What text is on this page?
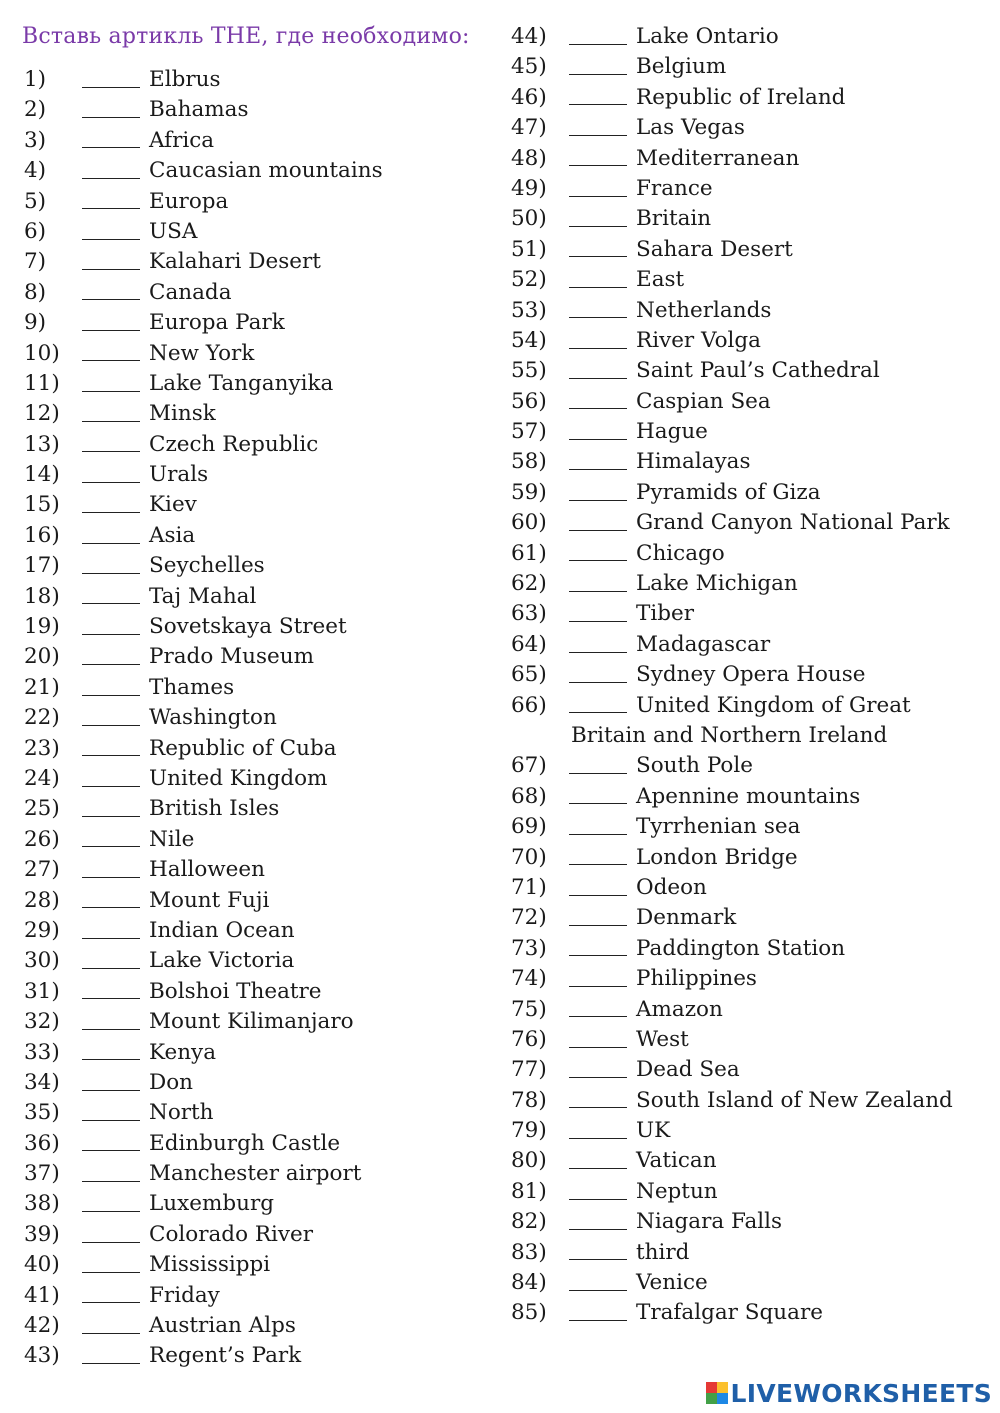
Вставь артикль THE, где необходимо:
1)	Elbrus
2)	Bahamas
3)	Africa
4)	Caucasian mountains
5)	Europa
6)	USA
7)	Kalahari Desert
8)	Canada
9)	Europa Park
10)	New York
11)	Lake Tanganyika
12)	Minsk
13)	Czech Republic
14)	Urals
15)	Kiev
16)	Asia
17)	Seychelles
18)	Taj Mahal
19)	Sovetskaya Street
20)	Prado Museum
21)	Thames
22)	Washington
23)	Republic of Cuba
24)	United Kingdom
25)	British Isles
26)	Nile
27)	Halloween
28)	Mount Fuji
29)	Indian Ocean
30)	Lake Victoria
31)	Bolshoi Theatre
32)	Mount Kilimanjaro
33)	Kenya
34)	Don
35)	North
36)	Edinburgh Castle
37)	Manchester airport
38)	Luxemburg
39)	Colorado River
40)	Mississippi
41)	Friday
42)	Austrian Alps
43)	Regent’s Park
44)	Lake Ontario
45)	Belgium
46)	Republic of Ireland
47)	Las Vegas
48)	Mediterranean
49)	France
50)	Britain
51)	Sahara Desert
52)	East
53)	Netherlands
54)	River Volga
55)	Saint Paul’s Cathedral
56)	Caspian Sea
57)	Hague
58)	Himalayas
59)	Pyramids of Giza
60)	Grand Canyon National Park
61)	Chicago
62)	Lake Michigan
63)	Tiber
64)	Madagascar
65)	Sydney Opera House
66)	United Kingdom of Great
Britain and Northern Ireland
67)	South Pole
68)	Apennine mountains
69)	Tyrrhenian sea
70)	London Bridge
71)	Odeon
72)	Denmark
73)	Paddington Station
74)	Philippines
75)	Amazon
76)	West
77)	Dead Sea
78)	South Island of New Zealand
79)	UK
80)	Vatican
81)	Neptun
82)	Niagara Falls
83)	third
84)	Venice
85)	Trafalgar Square
LIVEWORKSHEETS
